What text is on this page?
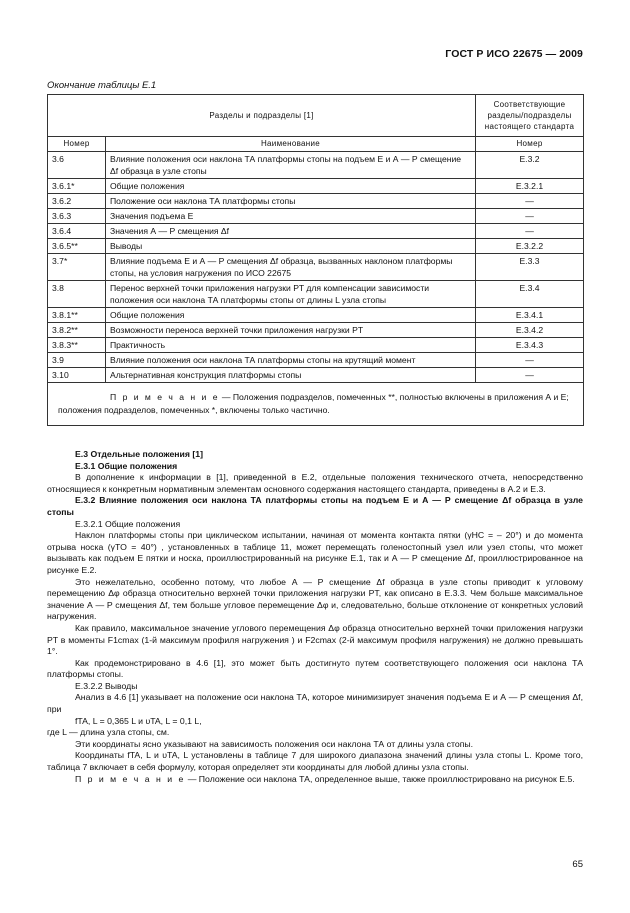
ГОСТ Р ИСО 22675 — 2009
Окончание таблицы Е.1
Разделы и подразделы [1]		Соответствующие разделы/подразделы настоящего стандарта
Номер	Наименование	Номер
3.6	Влияние положения оси наклона ТА платформы стопы на подъем E и А — Р смещение Δf образца в узле стопы	Е.3.2
3.6.1*	Общие положения	Е.3.2.1
3.6.2	Положение оси наклона ТА платформы стопы	—
3.6.3	Значения подъема E	—
3.6.4	Значения А — Р смещения Δf	—
3.6.5**	Выводы	Е.3.2.2
3.7*	Влияние подъема E и А — Р смещения Δf образца, вызванных наклоном платформы стопы, на условия нагружения по ИСО 22675	Е.3.3
3.8	Перенос верхней точки приложения нагрузки PT для компенсации зависимости положения оси наклона ТА платформы стопы от длины L узла стопы	Е.3.4
3.8.1**	Общие положения	Е.3.4.1
3.8.2**	Возможности переноса верхней точки приложения нагрузки PT	Е.3.4.2
3.8.3**	Практичность	Е.3.4.3
3.9	Влияние положения оси наклона ТА платформы стопы на крутящий момент	—
3.10	Альтернативная конструкция платформы стопы	—
П р и м е ч а н и е — Положения подразделов, помеченных **, полностью включены в приложения А и Е; положения подразделов, помеченных *, включены только частично.		

Е.3 Отдельные положения [1]

Е.3.1 Общие положения

В дополнение к информации в [1], приведенной в Е.2, отдельные положения технического отчета, непосредственно относящиеся к конкретным нормативным элементам основного содержания настоящего стандарта, приведены в А.2 и Е.3.

Е.3.2 Влияние положения оси наклона ТА платформы стопы на подъем E и А — Р смещение Δf образца в узле стопы

Е.3.2.1 Общие положения

Наклон платформы стопы при циклическом испытании, начиная от момента контакта пятки (γHC = – 20°) и до момента отрыва носка (γTO = 40°) , установленных в таблице 11, может перемещать голеностопный узел или узел стопы, что может вызывать как подъем E пятки и носка, проиллюстрированный на рисунке Е.1, так и А — Р смещение Δf, проиллюстрированное на рисунке Е.2.

Это нежелательно, особенно потому, что любое А — Р смещение Δf образца в узле стопы приводит к угловому перемещению Δφ образца относительно верхней точки приложения нагрузки PT, как описано в Е.3.3. Чем больше максимальное значение А — Р смещения Δf, тем больше угловое перемещение Δφ и, следовательно, больше отклонение от конкретных условий нагружения.

Как правило, максимальное значение углового перемещения Δφ образца относительно верхней точки приложения нагрузки PT в моменты F1cmax (1-й максимум профиля нагружения ) и F2cmax (2-й максимум профиля нагружения) не должно превышать 1°.

Как продемонстрировано в 4.6 [1], это может быть достигнуто путем соответствующего положения оси наклона ТА платформы стопы.

Е.3.2.2 Выводы

Анализ в 4.6 [1] указывает на положение оси наклона ТА, которое минимизирует значения подъема E и А — Р смещения Δf, при

fTA, L = 0,365 L и υTA, L = 0,1 L,

где L — длина узла стопы, см.

Эти координаты ясно указывают на зависимость положения оси наклона ТА от длины узла стопы.

Координаты fTA, L и υTA, L установлены в таблице 7 для широкого диапазона значений длины узла стопы L. Кроме того, таблица 7 включает в себя формулу, которая определяет эти координаты для любой длины узла стопы.

П р и м е ч а н и е — Положение оси наклона ТА, определенное выше, также проиллюстрировано на рисунок Е.5.

65
